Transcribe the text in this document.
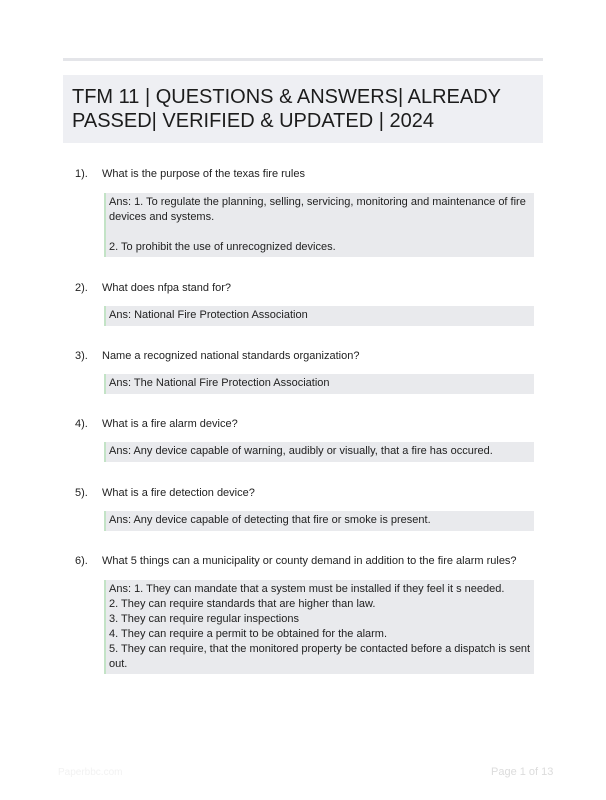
TFM 11 | QUESTIONS & ANSWERS| ALREADY

PASSED| VERIFIED & UPDATED | 2024

1). What is the purpose of the texas fire rules

Ans: 1. To regulate the planning, selling, servicing, monitoring and maintenance of fire

devices and systems.

2. To prohibit the use of unrecognized devices.

2). What does nfpa stand for?

Ans: National Fire Protection Association

3). Name a recognized national standards organization?

Ans: The National Fire Protection Association

4). What is a fire alarm device?

Ans: Any device capable of warning, audibly or visually, that a fire has occured.

5). What is a fire detection device?

Ans: Any device capable of detecting that fire or smoke is present.

6). What 5 things can a municipality or county demand in addition to the fire alarm rules?

Ans: 1. They can mandate that a system must be installed if they feel it s needed.

2. They can require standards that are higher than law.

3. They can require regular inspections

4. They can require a permit to be obtained for the alarm.

5. They can require, that the monitored property be contacted before a dispatch is sent

out.

Paperbbc.com	Page 1 of 13
